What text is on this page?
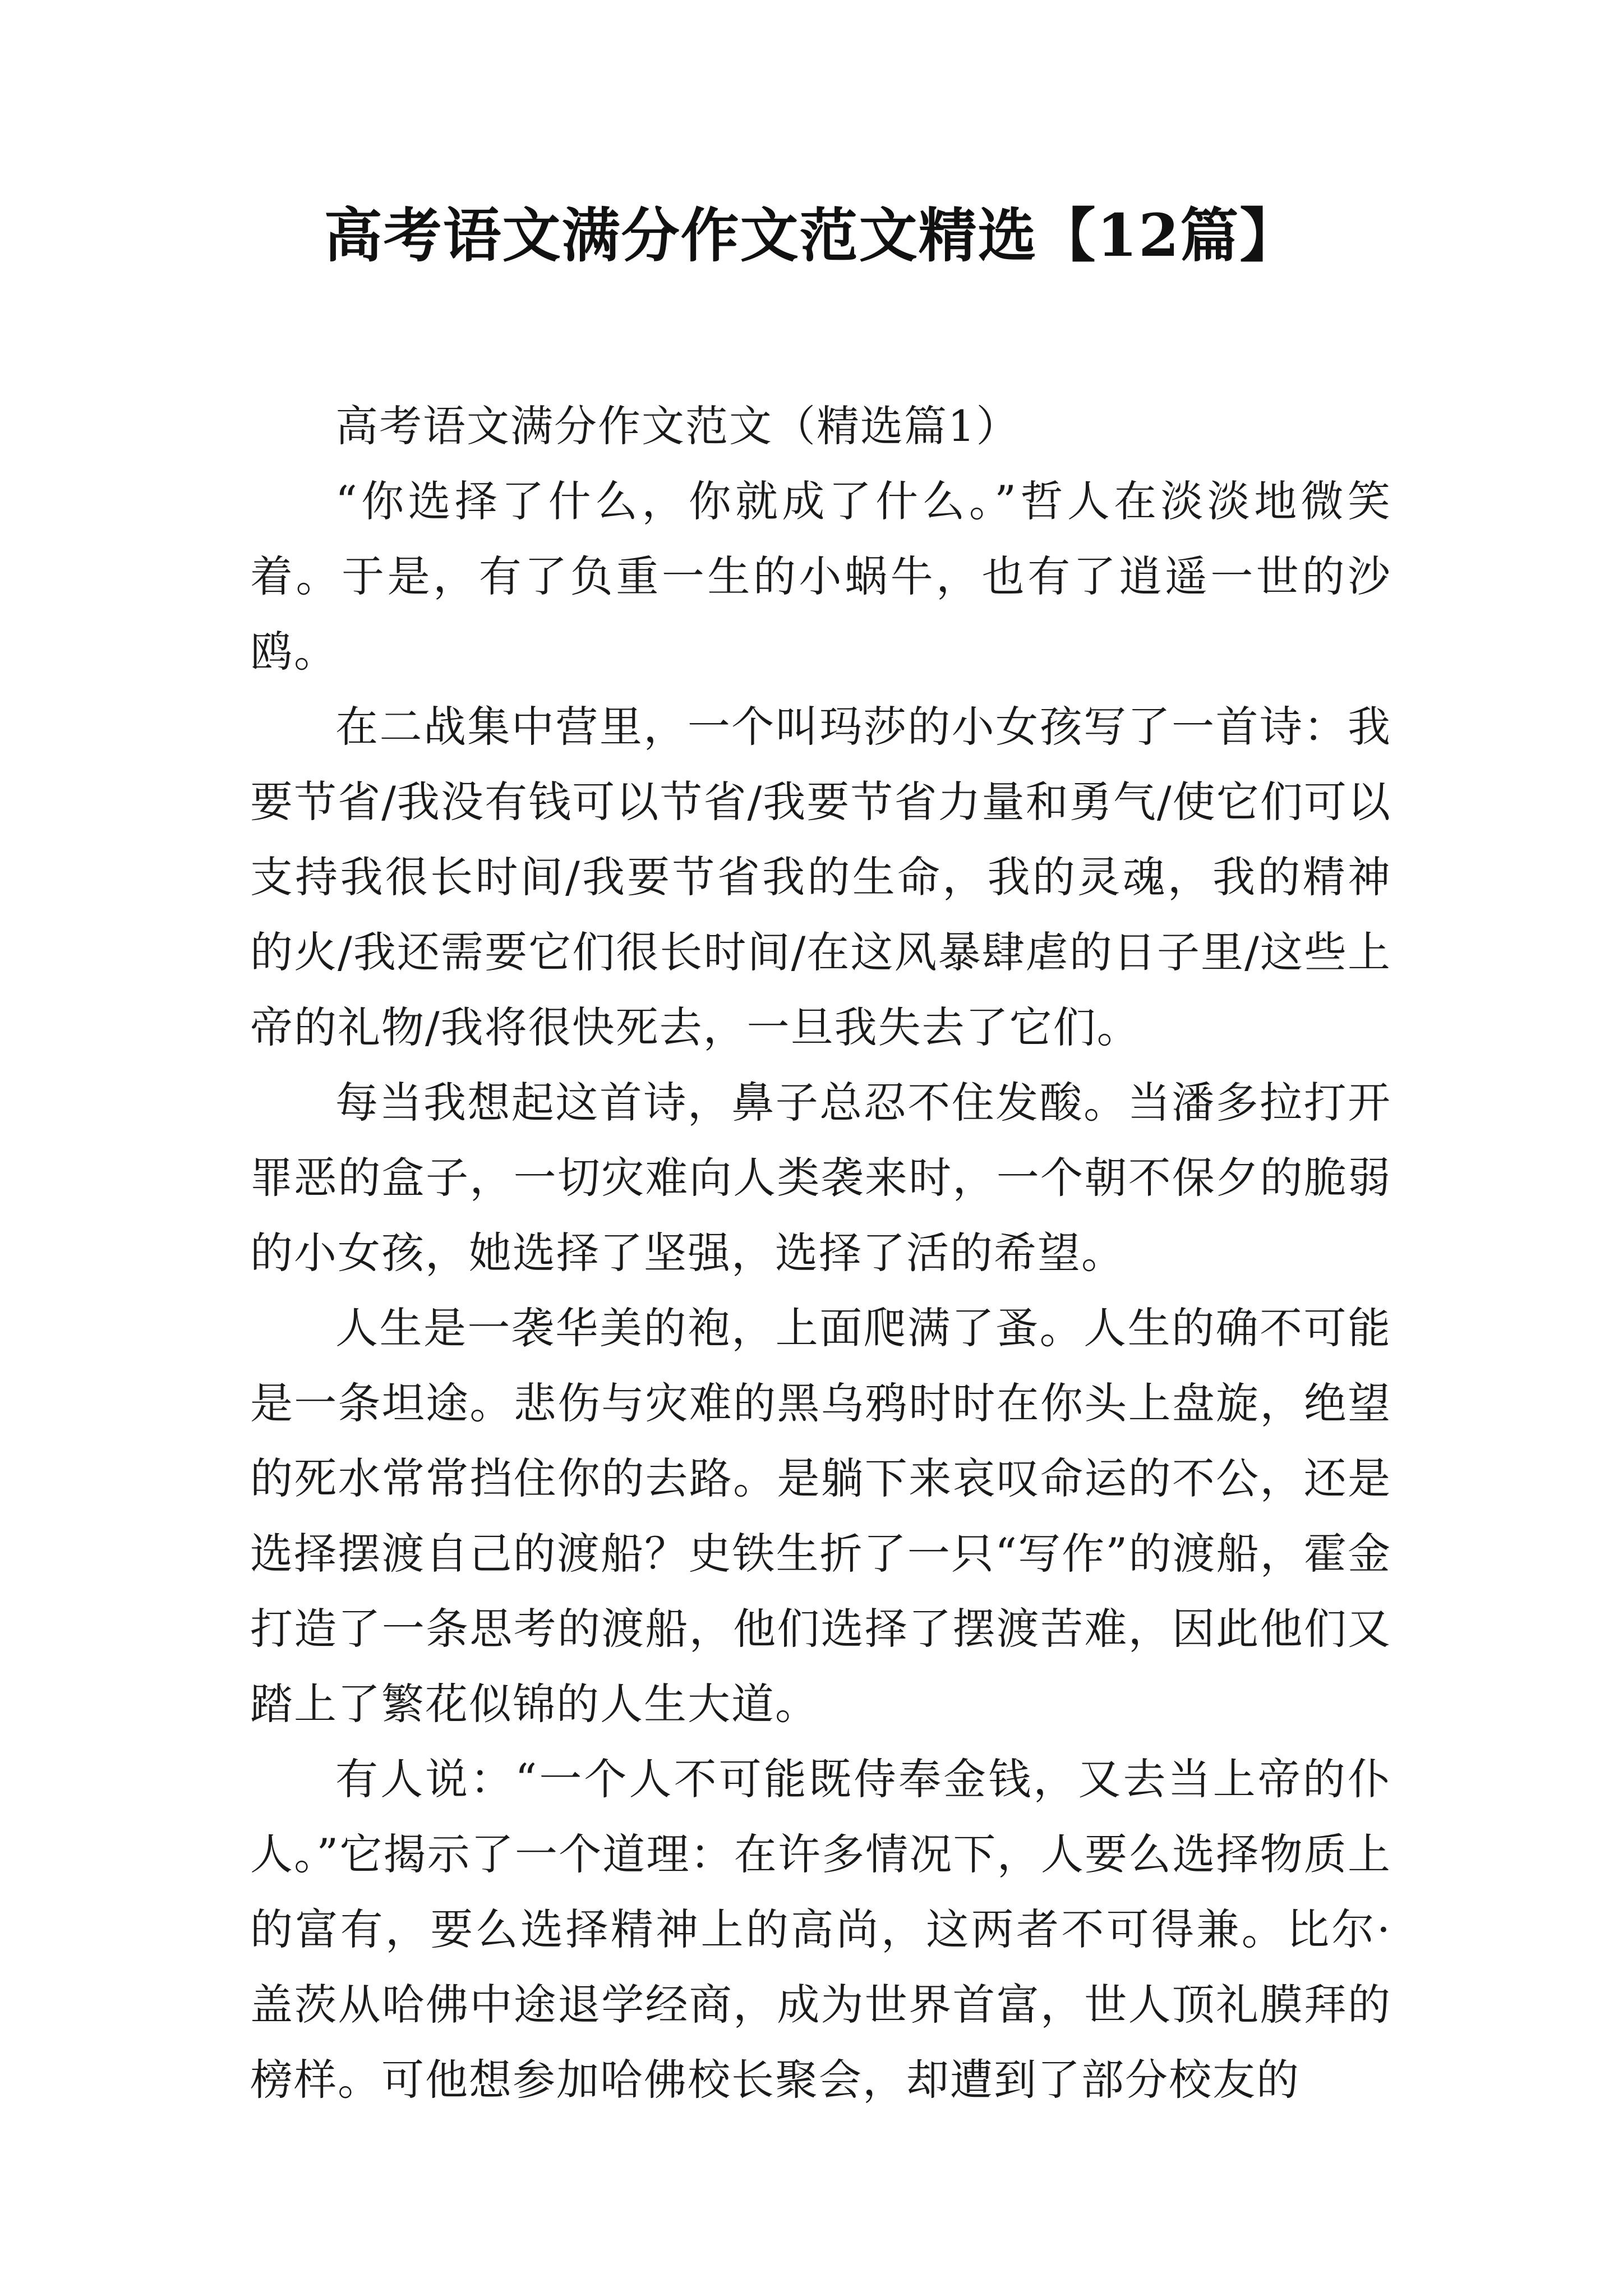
高考语文满分作文范文精选【12篇】

高考语文满分作文范文（精选篇1）

“你选择了什么，你就成了什么。”哲人在淡淡地微笑着。于是，有了负重一生的小蜗牛，也有了逍遥一世的沙鸥。

在二战集中营里，一个叫玛莎的小女孩写了一首诗：我要节省/我没有钱可以节省/我要节省力量和勇气/使它们可以支持我很长时间/我要节省我的生命，我的灵魂，我的精神的火/我还需要它们很长时间/在这风暴肆虐的日子里/这些上帝的礼物/我将很快死去，一旦我失去了它们。

每当我想起这首诗，鼻子总忍不住发酸。当潘多拉打开罪恶的盒子，一切灾难向人类袭来时，一个朝不保夕的脆弱的小女孩，她选择了坚强，选择了活的希望。

人生是一袭华美的袍，上面爬满了蚤。人生的确不可能是一条坦途。悲伤与灾难的黑乌鸦时时在你头上盘旋，绝望的死水常常挡住你的去路。是躺下来哀叹命运的不公，还是选择摆渡自己的渡船？史铁生折了一只“写作”的渡船，霍金打造了一条思考的渡船，他们选择了摆渡苦难，因此他们又踏上了繁花似锦的人生大道。

有人说：“一个人不可能既侍奉金钱，又去当上帝的仆人。”它揭示了一个道理：在许多情况下，人要么选择物质上的富有，要么选择精神上的高尚，这两者不可得兼。比尔·盖茨从哈佛中途退学经商，成为世界首富，世人顶礼膜拜的榜样。可他想参加哈佛校长聚会，却遭到了部分校友的
